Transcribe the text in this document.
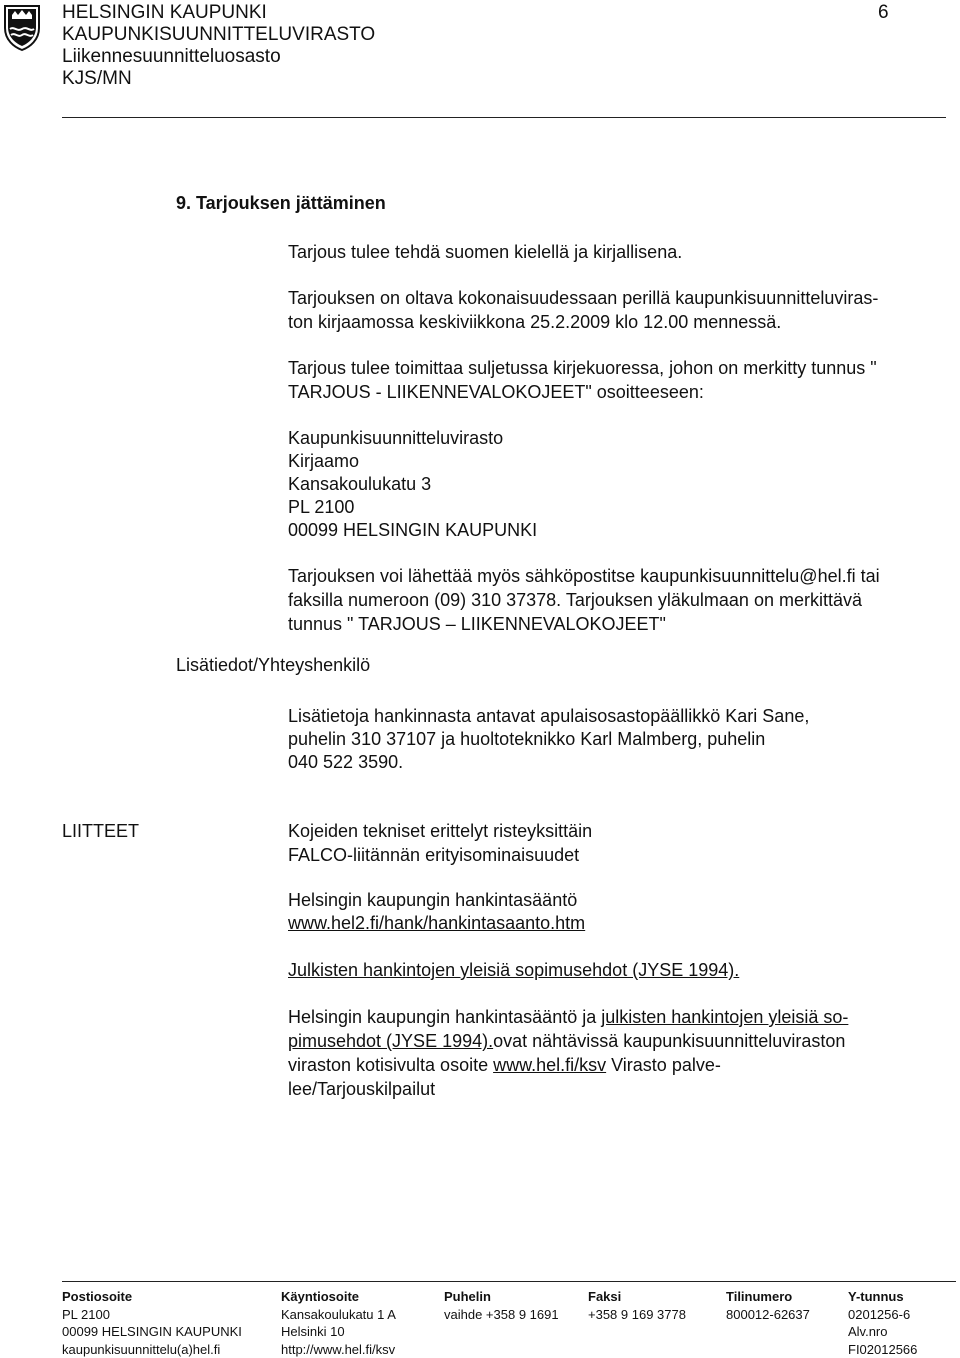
HELSINGIN KAUPUNKI
KAUPUNKISUUNNITTELUVIRASTO
Liikennesuunnitteluosasto
KJS/MN
6
9. Tarjouksen jättäminen
Tarjous tulee tehdä suomen kielellä ja kirjallisena.
Tarjouksen on oltava kokonaisuudessaan perillä kaupunkisuunnitteluviras-
ton kirjaamossa keskiviikkona 25.2.2009 klo 12.00 mennessä.
Tarjous tulee toimittaa suljetussa kirjekuoressa, johon on merkitty tunnus "
TARJOUS - LIIKENNEVALOKOJEET" osoitteeseen:
Kaupunkisuunnitteluvirasto
Kirjaamo
Kansakoulukatu 3
PL 2100
00099 HELSINGIN KAUPUNKI
Tarjouksen voi lähettää myös sähköpostitse kaupunkisuunnittelu@hel.fi tai
faksilla numeroon (09) 310 37378. Tarjouksen yläkulmaan on merkittävä
tunnus " TARJOUS – LIIKENNEVALOKOJEET"
Lisätiedot/Yhteyshenkilö
Lisätietoja hankinnasta antavat apulaisosastopäällikkö Kari Sane,
puhelin 310 37107 ja huoltoteknikko Karl Malmberg, puhelin
040 522 3590.
LIITTEET	Kojeiden tekniset erittelyt risteyksittäin
FALCO-liitännän erityisominaisuudet
Helsingin kaupungin hankintasääntö
www.hel2.fi/hank/hankintasaanto.htm
Julkisten hankintojen yleisiä sopimusehdot (JYSE 1994).
Helsingin kaupungin hankintasääntö ja julkisten hankintojen yleisiä so-
pimusehdot (JYSE 1994).ovat nähtävissä kaupunkisuunnitteluviraston
viraston kotisivulta osoite www.hel.fi/ksv Virasto palve-
lee/Tarjouskilpailut
Postiosoite
PL 2100
00099 HELSINGIN KAUPUNKI
kaupunkisuunnittelu(a)hel.fi
Käyntiosoite
Kansakoulukatu 1 A
Helsinki 10
http://www.hel.fi/ksv
Puhelin
vaihde +358 9 1691
Faksi
+358 9 169 3778
Tilinumero
800012-62637
Y-tunnus
0201256-6
Alv.nro
FI02012566
